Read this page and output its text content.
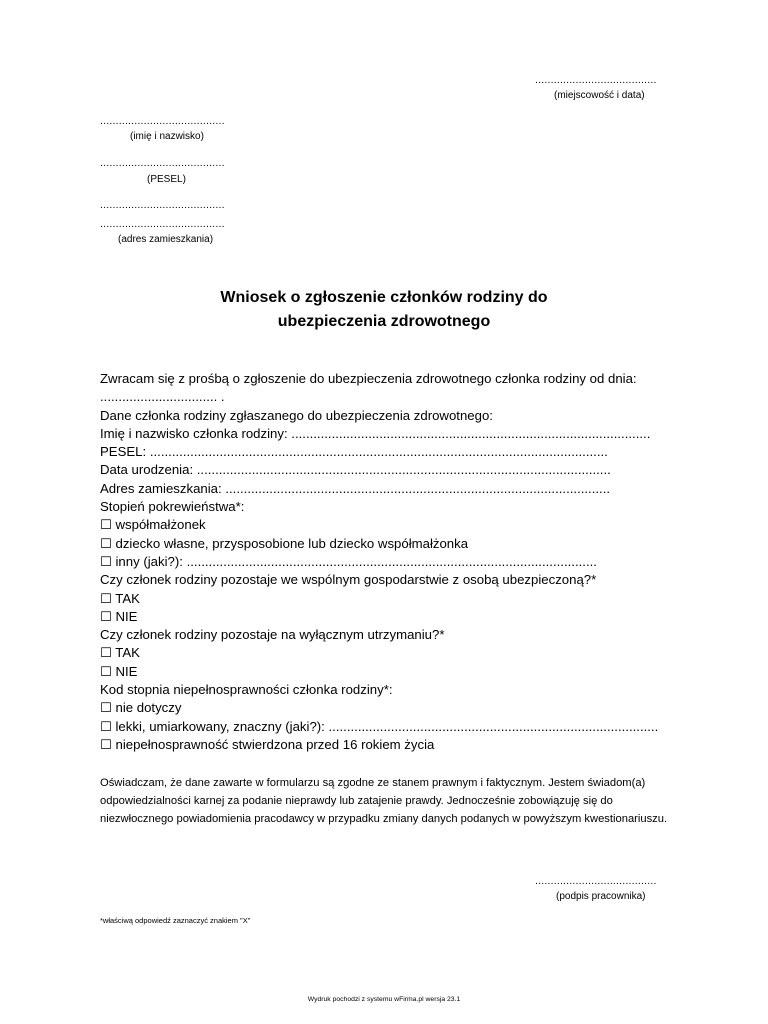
.......................................
(miejscowość i data)
........................................
(imię i nazwisko)
........................................
(PESEL)
........................................
........................................
(adres zamieszkania)
Wniosek o zgłoszenie członków rodziny do
ubezpieczenia zdrowotnego
Zwracam się z prośbą o zgłoszenie do ubezpieczenia zdrowotnego członka rodziny od dnia:
................................ .
Dane członka rodziny zgłaszanego do ubezpieczenia zdrowotnego:
Imię i nazwisko członka rodziny: ..................................................................................................
PESEL: .............................................................................................................................
Data urodzenia: .................................................................................................................
Adres zamieszkania: .........................................................................................................
Stopień pokrewieństwa*:
☐ współmałżonek
☐ dziecko własne, przysposobione lub dziecko współmałżonka
☐ inny (jaki?): ................................................................................................................
Czy członek rodziny pozostaje we wspólnym gospodarstwie z osobą ubezpieczoną?*
☐ TAK
☐ NIE
Czy członek rodziny pozostaje na wyłącznym utrzymaniu?*
☐ TAK
☐ NIE
Kod stopnia niepełnosprawności członka rodziny*:
☐ nie dotyczy
☐ lekki, umiarkowany, znaczny (jaki?): ..........................................................................................
☐ niepełnosprawność stwierdzona przed 16 rokiem życia
Oświadczam, że dane zawarte w formularzu są zgodne ze stanem prawnym i faktycznym. Jestem świadom(a) odpowiedzialności karnej za podanie nieprawdy lub zatajenie prawdy. Jednocześnie zobowiązuję się do niezwłocznego powiadomienia pracodawcy w przypadku zmiany danych podanych w powyższym kwestionariuszu.
.......................................
(podpis pracownika)
*właściwą odpowiedź zaznaczyć znakiem "X"
Wydruk pochodzi z systemu wFirma.pl wersja 23.1
